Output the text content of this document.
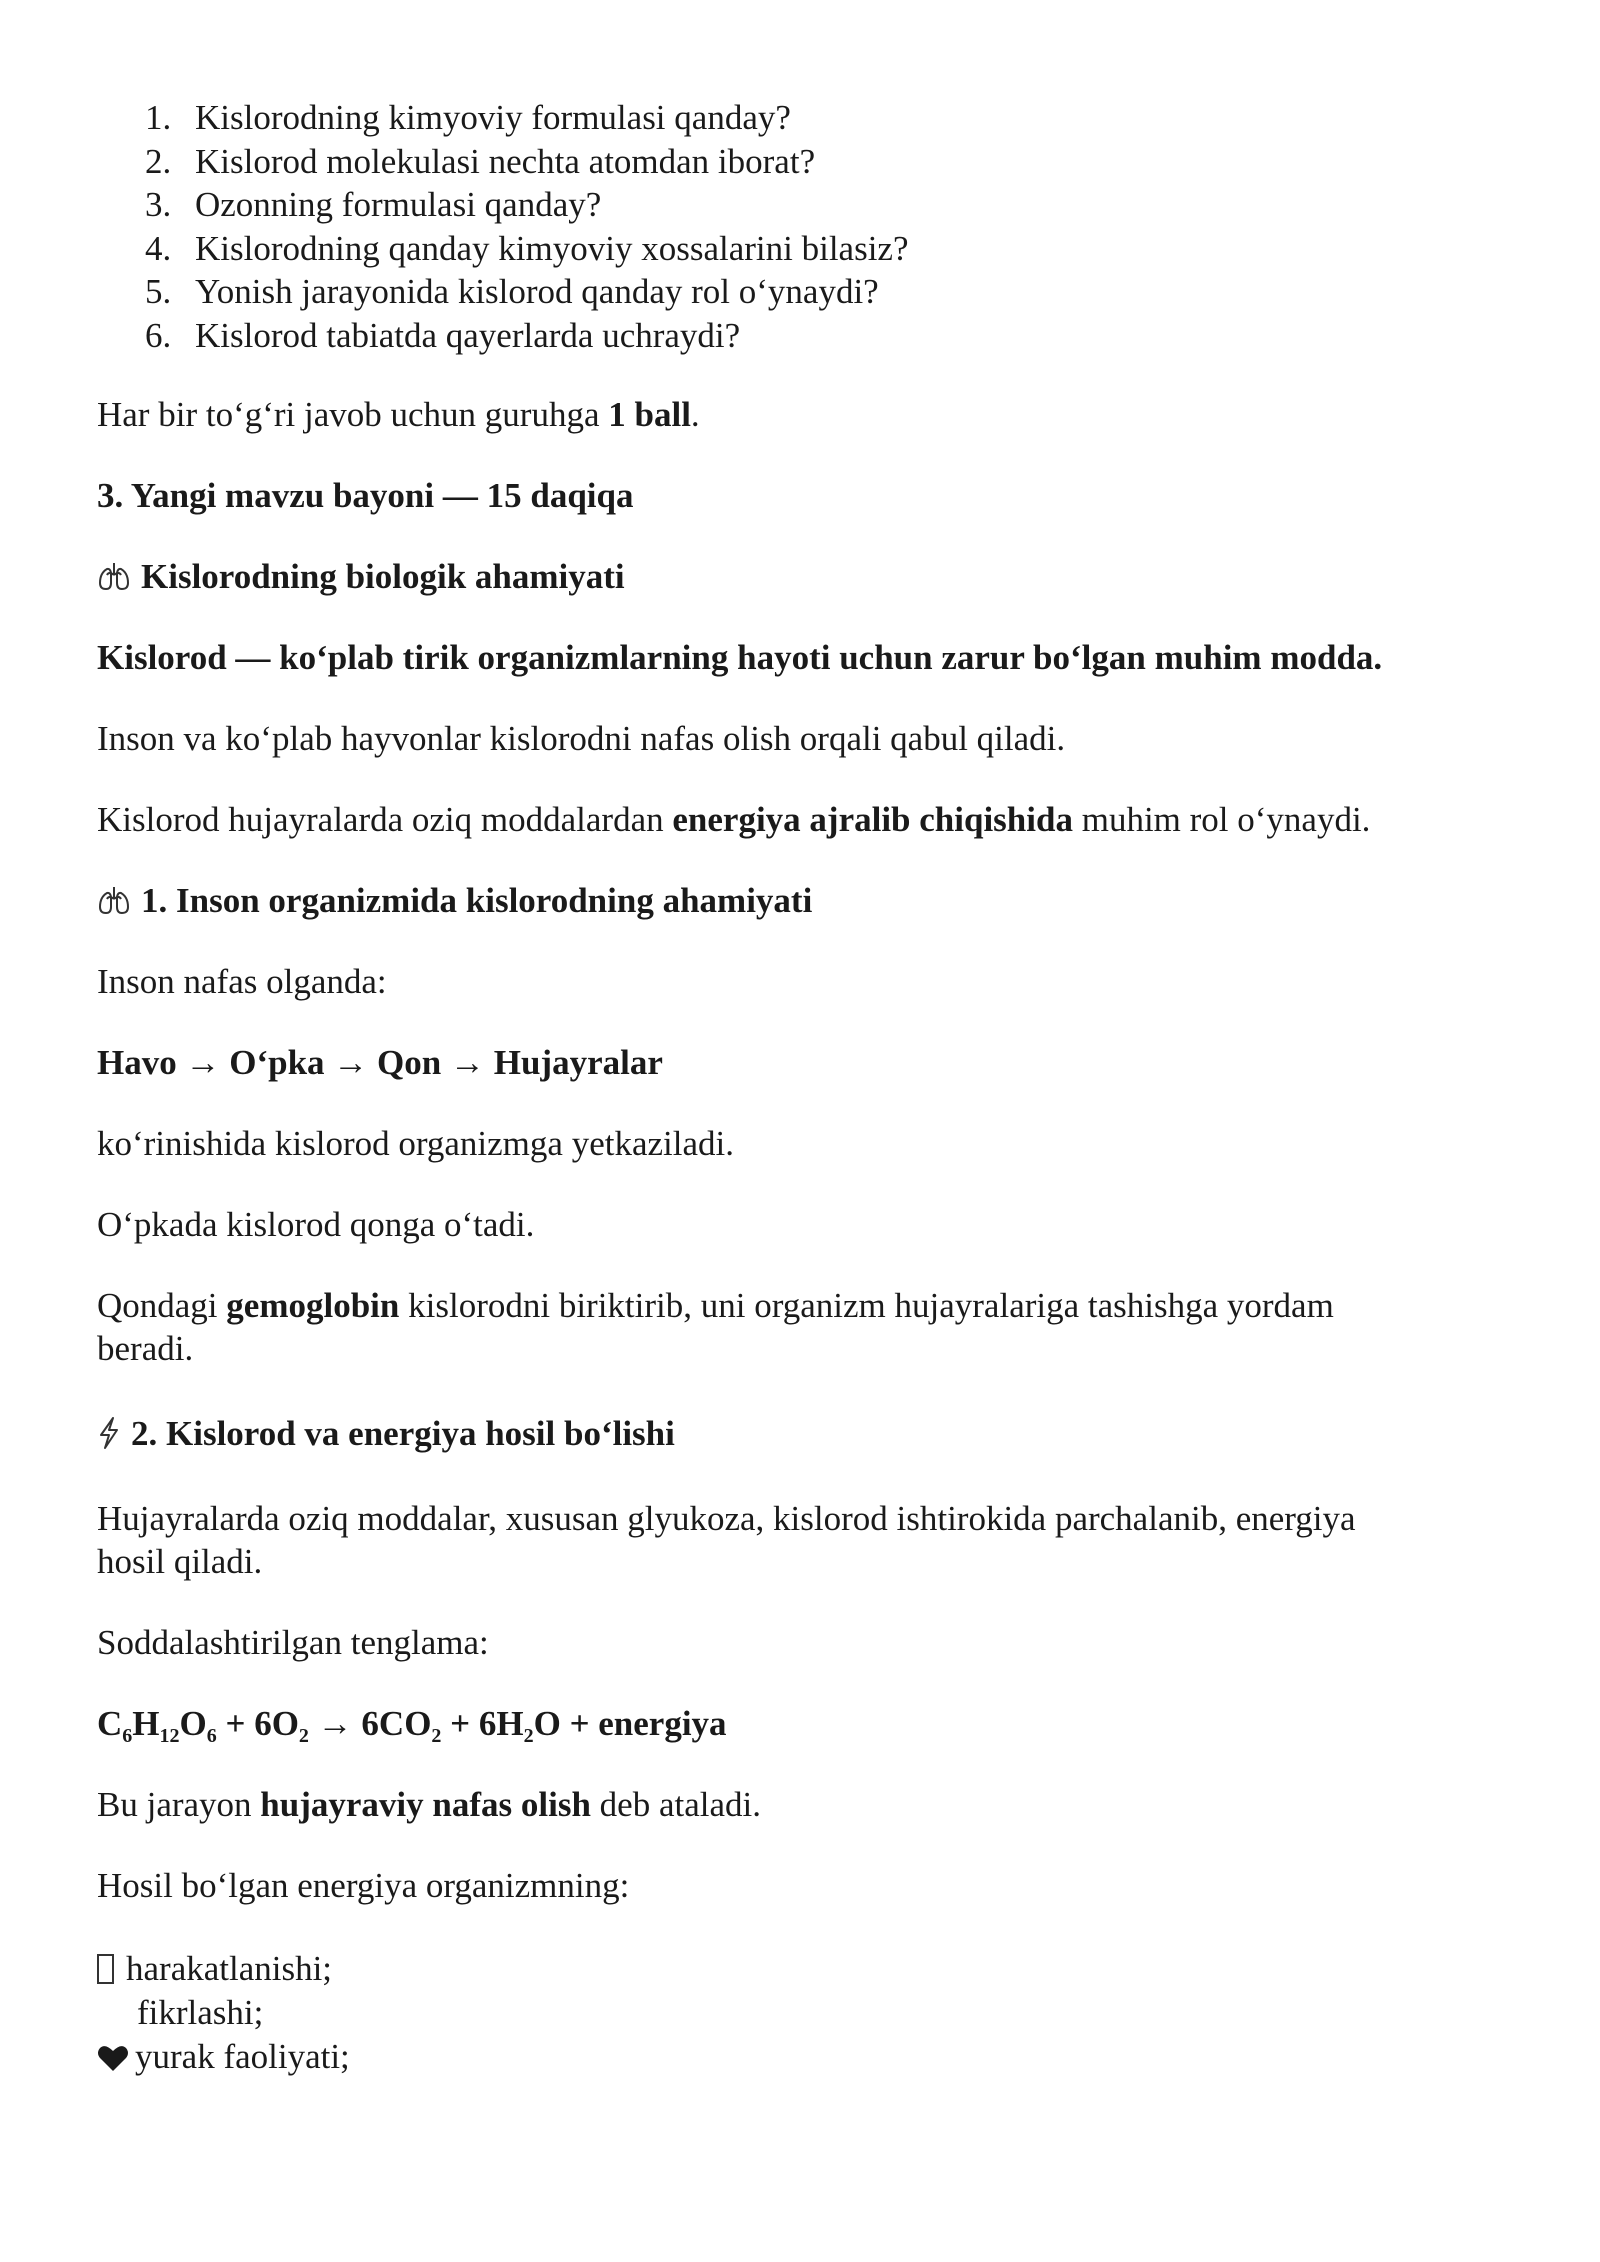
1. Kislorodning kimyoviy formulasi qanday?
2. Kislorod molekulasi nechta atomdan iborat?
3. Ozonning formulasi qanday?
4. Kislorodning qanday kimyoviy xossalarini bilasiz?
5. Yonish jarayonida kislorod qanday rol o‘ynaydi?
6. Kislorod tabiatda qayerlarda uchraydi?

Har bir to‘g‘ri javob uchun guruhga 1 ball.

3. Yangi mavzu bayoni — 15 daqiqa

Kislorodning biologik ahamiyati

Kislorod — ko‘plab tirik organizmlarning hayoti uchun zarur bo‘lgan muhim modda.

Inson va ko‘plab hayvonlar kislorodni nafas olish orqali qabul qiladi.

Kislorod hujayralarda oziq moddalardan energiya ajralib chiqishida muhim rol o‘ynaydi.

1. Inson organizmida kislorodning ahamiyati

Inson nafas olganda:

Havo → O‘pka → Qon → Hujayralar

ko‘rinishida kislorod organizmga yetkaziladi.

O‘pkada kislorod qonga o‘tadi.

Qondagi gemoglobin kislorodni biriktirib, uni organizm hujayralariga tashishga yordam
beradi.

2. Kislorod va energiya hosil bo‘lishi

Hujayralarda oziq moddalar, xususan glyukoza, kislorod ishtirokida parchalanib, energiya
hosil qiladi.

Soddalashtirilgan tenglama:

$C_6H_{12}O_6 + 6O_2 \to 6CO_2 + 6H_2O$ + energiya

Bu jarayon hujayraviy nafas olish deb ataladi.

Hosil bo‘lgan energiya organizmning:

harakatlanishi;
fikrlashi;
yurak faoliyati;
